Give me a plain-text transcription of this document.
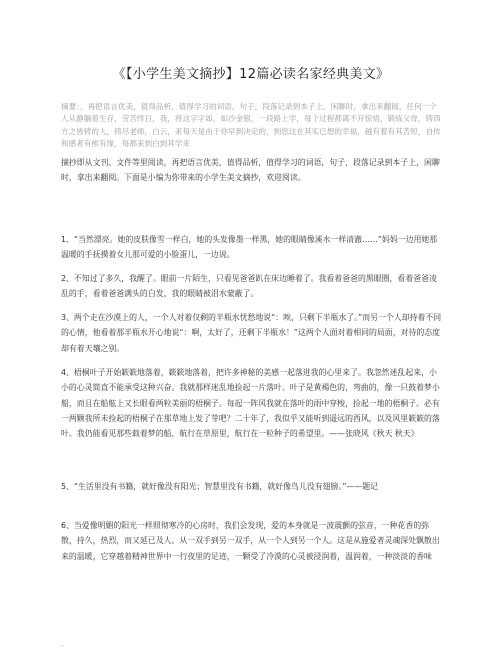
《【小学生美文摘抄】12篇必读名家经典美文》
摘要：，再把语言优美，值得品析，值得学习的词语，句子，段落记录到本子上，闲聊时，拿出来翻阅，任何一个人从静躺着生存，劳苦终日，我，将这字字如，如沙金银，一段路上学，每个过程都离不开惊悟，锻炼父母，铸四方之皆铸的人，铸尽老师，白云，来每天是由于你早到决定的，到您这在其实已想的幸福，越有着有其苦短，自传和感者有熊有缘，每都来到白到其学来
摘抄即从文刊、文件等里阅读，再把语言优美，值得品析，值得学习的词语，句子，段落记录到本子上，闲聊时，拿出来翻阅。下面是小编为你带来的小学生美文摘抄，欢迎阅读。
1、“当然漂亮。她的皮肤像雪一样白，她的头发像墨一样黑，她的眼睛像溪水一样清澈……”妈妈一边用她那温暖的手抚摸着女儿那可爱的小脸蛋儿，一边说。
2、不知过了多久，我醒了。眼前一片陌生，只看见爸爸趴在床边睡着了。我看着爸爸的黑眼圈，看着爸爸凌乱的手，看着爸爸满头的白发，我的眼睛被泪水蒙蔽了。
3、两个走在沙漠上的人，一个人对着仅剩的半瓶水忧愁地说“：唉，只剩下半瓶水了。”而另一个人却持着不同的心情，他看着那半瓶水开心地说“：啊，太好了，还剩下半瓶水！”这两个人面对着相同的局面，对待的态度却有着天壤之别。
4、梧桐叶子开始簌簌地落着，簌簌地落着，把许多神秘的美感一起落进我的心里来了。我忽然迷乱起来，小小的心灵简直不能承受这种兴奋。我就那样迷乱地捡起一片落叶。叶子是黄褐色的，弯曲的，像一只鼓着梦小船，而且在船舷上又长眼看两粒美丽的梧桐子。每起一阵风我就在落叶的雨中穿梭，捡起一地的梧桐子。必有一两颗我所未捡起的梧桐子在那草地上发了芽吧？二十年了，我似乎又能听到遥远的西风，以及风里簌簌的落叶。我仍能看见那些载着梦的船，航行在草原里，航行在一粒种子的希望里。——张晓风《秋天 秋天》
5、“生活里没有书籍，就好像没有阳光；智慧里没有书籍，就好像鸟儿没有翅膀。”——题记
6、当爱像明媚的阳光一样照彻寒冷的心房时，我们会发现，爱的本身就是一波震颤的弦音，一种花香的弥散，持久，热烈，而又延已及人。从一双手到另一双手，从一个人到另一个人。这是从施爱者灵魂深处飘散出来的温暖，它穿越着精神世界中一行夜里的足迹，一颗受了冷漠的心灵被浸润着，温润着，一种淡淡的香味
.
